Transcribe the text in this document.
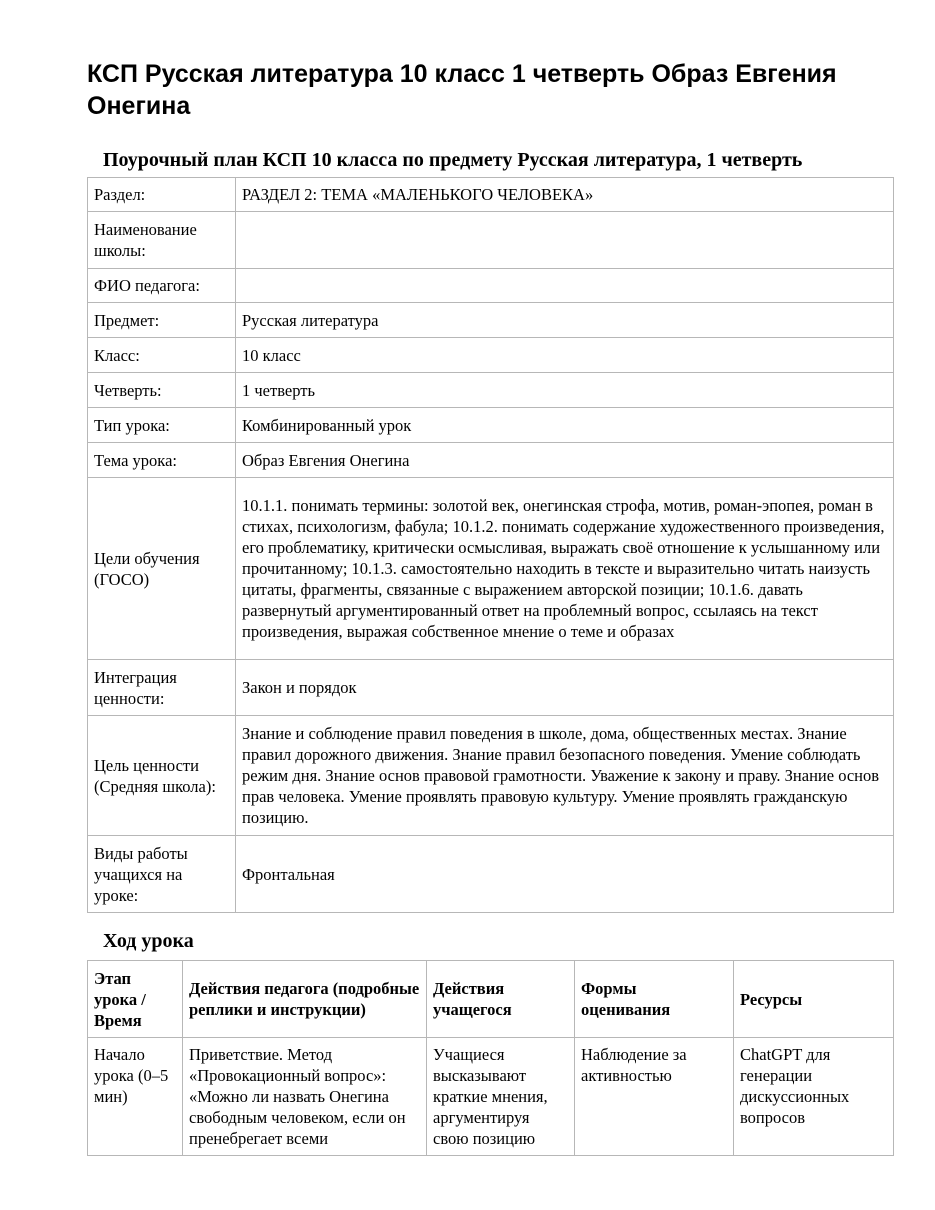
КСП Русская литература 10 класс 1 четверть Образ Евгения Онегина
Поурочный план КСП 10 класса по предмету Русская литература, 1 четверть
Раздел:	РАЗДЕЛ 2: ТЕМА «МАЛЕНЬКОГО ЧЕЛОВЕКА»
Наименование школы:	
ФИО педагога:	
Предмет:	Русская литература
Класс:	10 класс
Четверть:	1 четверть
Тип урока:	Комбинированный урок
Тема урока:	Образ Евгения Онегина
Цели обучения (ГОСО)	10.1.1. понимать термины: золотой век, онегинская строфа, мотив, роман-эпопея, роман в стихах, психологизм, фабула; 10.1.2. понимать содержание художественного произведения, его проблематику, критически осмысливая, выражать своё отношение к услышанному или прочитанному; 10.1.3. самостоятельно находить в тексте и выразительно читать наизусть цитаты, фрагменты, связанные с выражением авторской позиции; 10.1.6. давать развернутый аргументированный ответ на проблемный вопрос, ссылаясь на текст произведения, выражая собственное мнение о теме и образах
Интеграция ценности:	Закон и порядок
Цель ценности (Средняя школа):	Знание и соблюдение правил поведения в школе, дома, общественных местах. Знание правил дорожного движения. Знание правил безопасного поведения. Умение соблюдать режим дня. Знание основ правовой грамотности. Уважение к закону и праву. Знание основ прав человека. Умение проявлять правовую культуру. Умение проявлять гражданскую позицию.
Виды работы учащихся на уроке:	Фронтальная
Ход урока
Этап урока / Время	Действия педагога (подробные реплики и инструкции)	Действия учащегося	Формы оценивания	Ресурсы
Начало урока (0–5 мин)	Приветствие. Метод «Провокационный вопрос»: «Можно ли назвать Онегина свободным человеком, если он пренебрегает всеми	Учащиеся высказывают краткие мнения, аргументируя свою позицию	Наблюдение за активностью	ChatGPT для генерации дискуссионных вопросов
